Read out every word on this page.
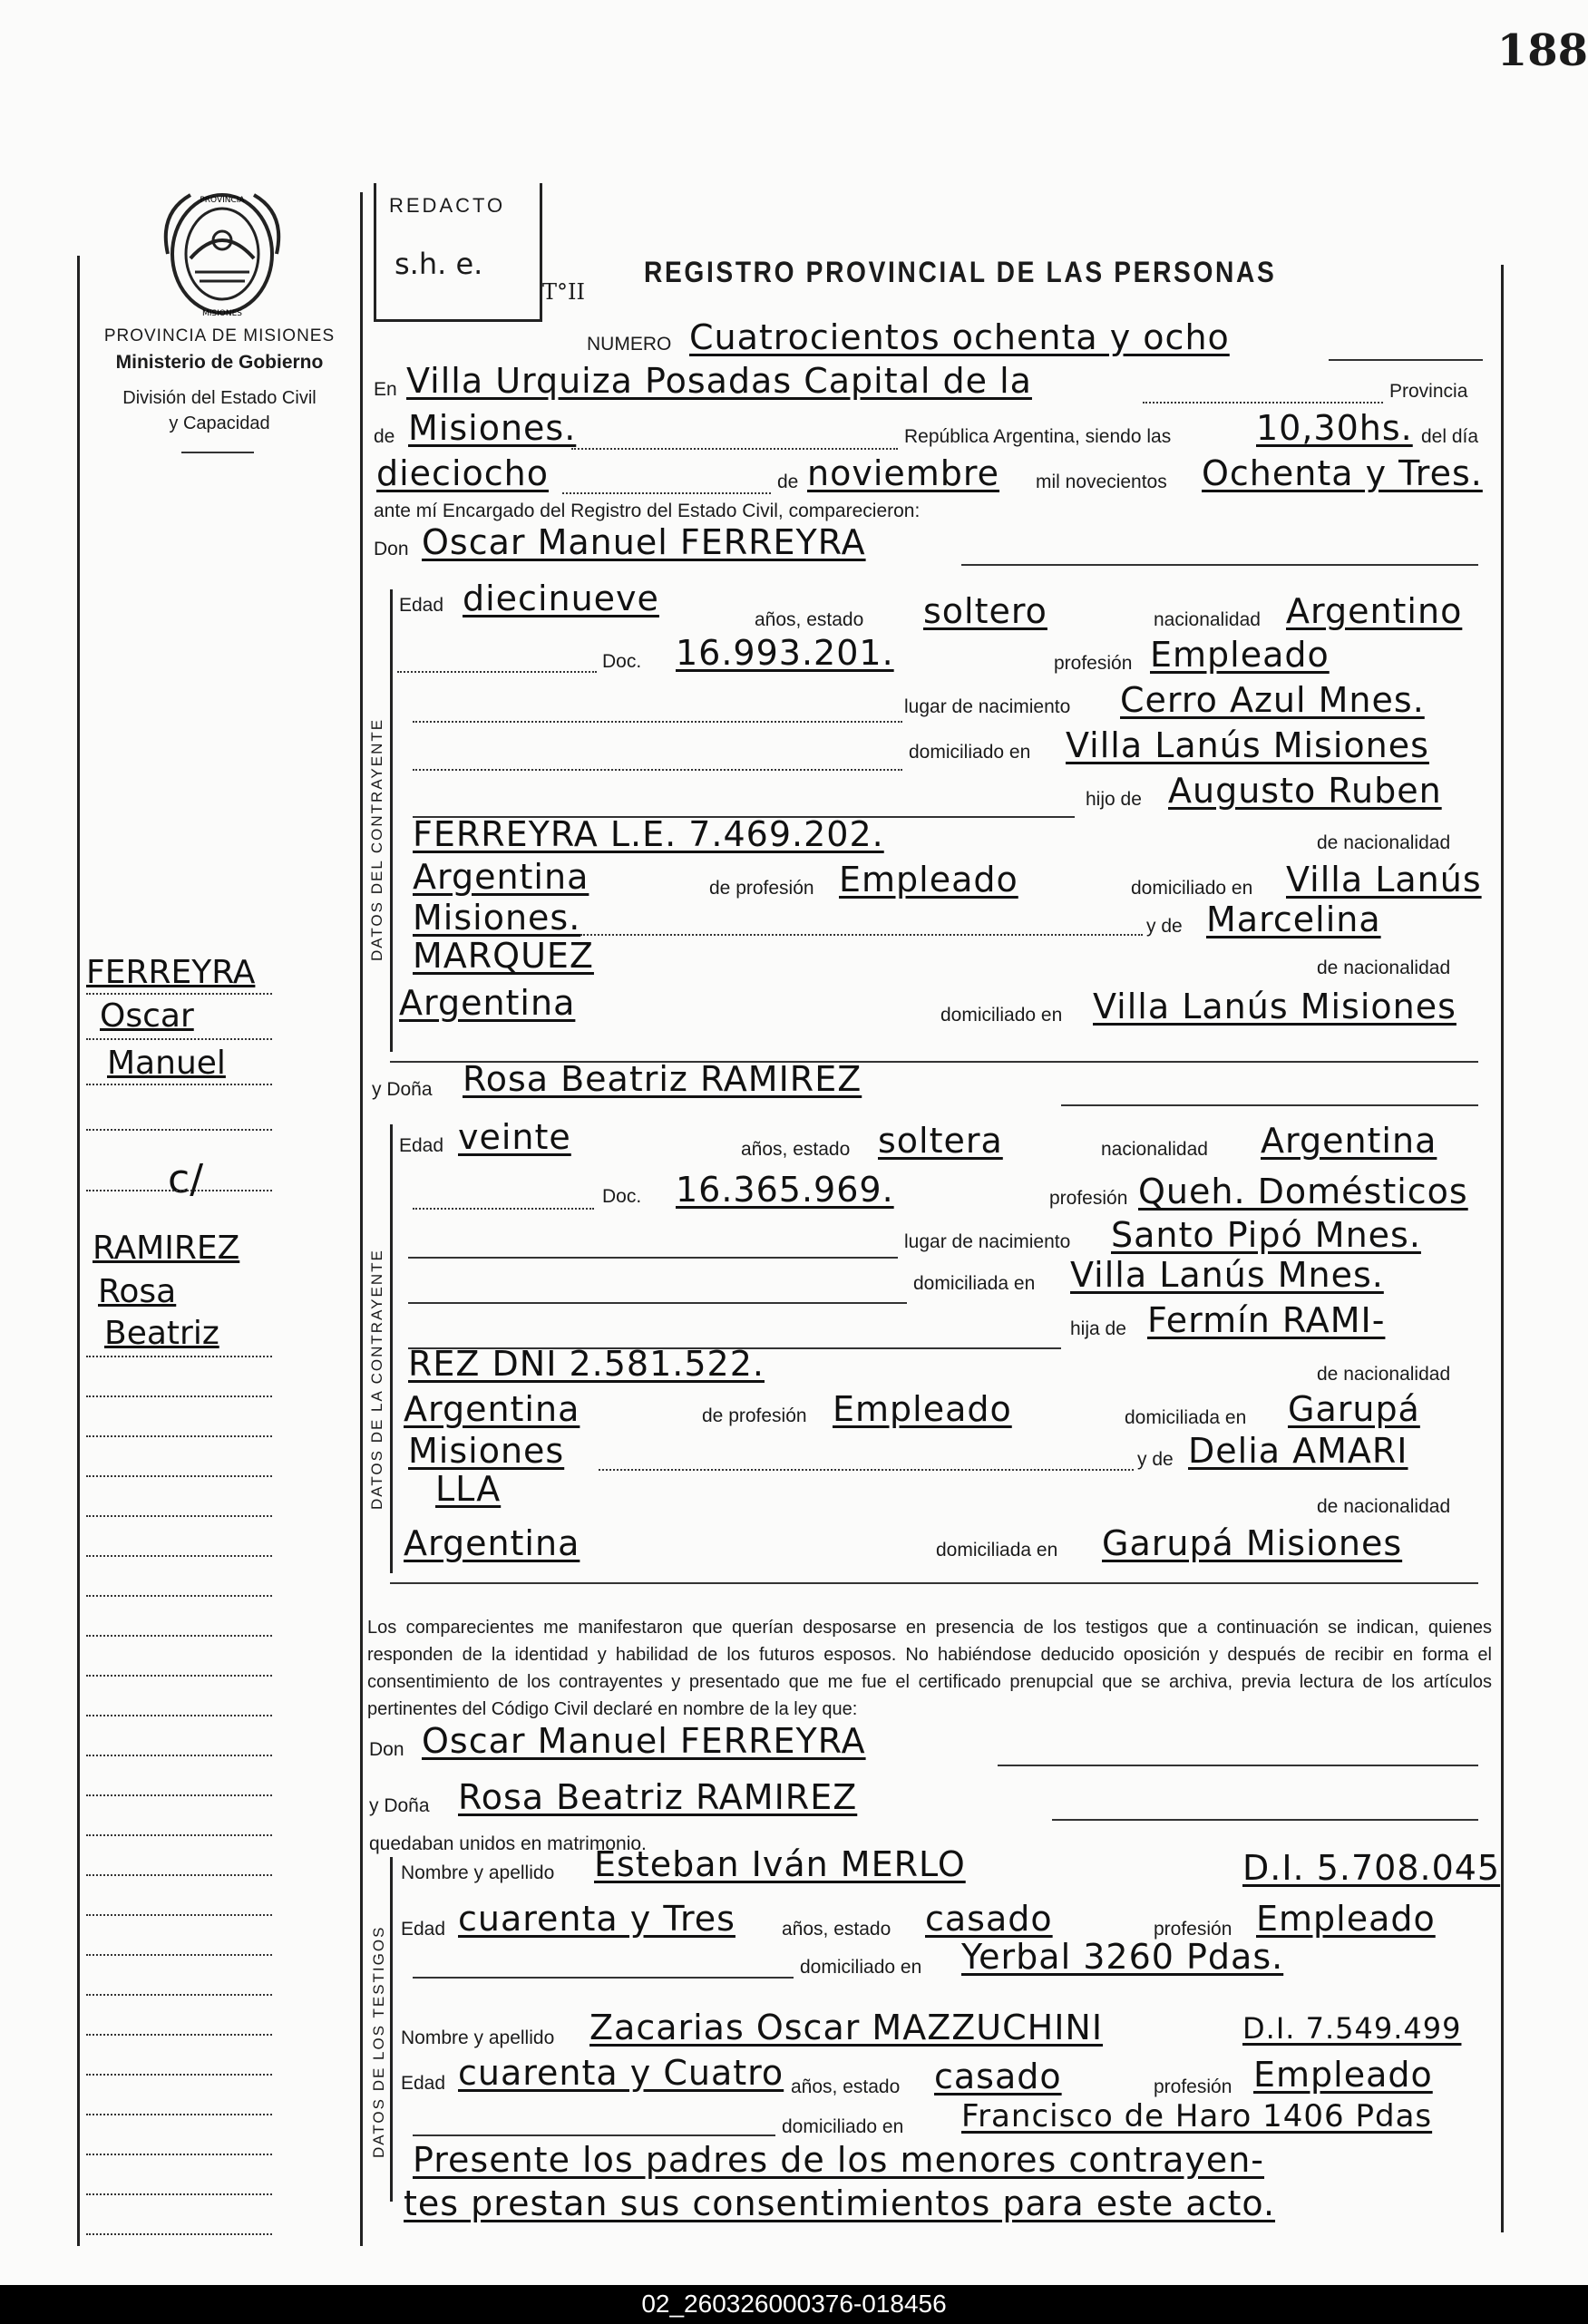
188
PROVINCIA
MISIONES
PROVINCIA DE MISIONES
Ministerio de Gobierno
División del Estado Civil
y Capacidad
REDACTO
s.h. e.
T°II
REGISTRO PROVINCIAL DE LAS PERSONAS
NUMERO Cuatrocientos ochenta y ocho
En Villa Urquiza Posadas Capital de la	Provincia
de Misiones.	República Argentina, siendo las 10,30hs. del día
dieciocho	de noviembre mil novecientos Ochenta y Tres.
ante mí Encargado del Registro del Estado Civil, comparecieron:
Don Oscar Manuel FERREYRA
DATOS DEL CONTRAYENTE
Edad diecinueve
años, estado soltero	nacionalidad Argentino
Doc. 16.993.201.	profesión Empleado
lugar de nacimiento Cerro Azul Mnes.
domiciliado en Villa Lanús Misiones
hijo de Augusto Ruben
FERREYRA L.E. 7.469.202.	de nacionalidad
Argentina	de profesión Empleado	domiciliado en Villa Lanús
Misiones.	y de Marcelina
MARQUEZ	de nacionalidad
Argentina	domiciliado en Villa Lanús Misiones
y Doña Rosa Beatriz RAMIREZ
DATOS DE LA CONTRAYENTE
Edad veinte	años, estado soltera	nacionalidad Argentina
Doc. 16.365.969.	profesión Queh. Domésticos
lugar de nacimiento Santo Pipó Mnes.
domiciliada en Villa Lanús Mnes.
hija de Fermín RAMI-
REZ DNI 2.581.522.	de nacionalidad
Argentina	de profesión Empleado	domiciliada en Garupá
Misiones	y de Delia AMARI
LLA	de nacionalidad
Argentina	domiciliada en Garupá Misiones
Los comparecientes me manifestaron que querían desposarse en presencia de los testigos que a continuación se indican, quienes responden de la identidad y habilidad de los futuros esposos. No habiéndose deducido oposición y después de recibir en forma el consentimiento de los contrayentes y presentado que me fue el certificado prenupcial que se archiva, previa lectura de los artículos pertinentes del Código Civil declaré en nombre de la ley que:
Don Oscar Manuel FERREYRA
y Doña Rosa Beatriz RAMIREZ
quedaban unidos en matrimonio.
DATOS DE LOS TESTIGOS
Nombre y apellido Esteban Iván MERLO	D.I. 5.708.045
Edad cuarenta y Tres años, estado casado	profesión Empleado
domiciliado en Yerbal 3260 Pdas.
Nombre y apellido Zacarias Oscar MAZZUCHINI	D.I. 7.549.499
Edad cuarenta y Cuatro años, estado casado	profesión Empleado
domiciliado en Francisco de Haro 1406 Pdas
Presente los padres de los menores contrayen-
tes prestan sus consentimientos para este acto.
FERREYRA
Oscar
Manuel
c/
RAMIREZ
Rosa
Beatriz
02_260326000376-018456
